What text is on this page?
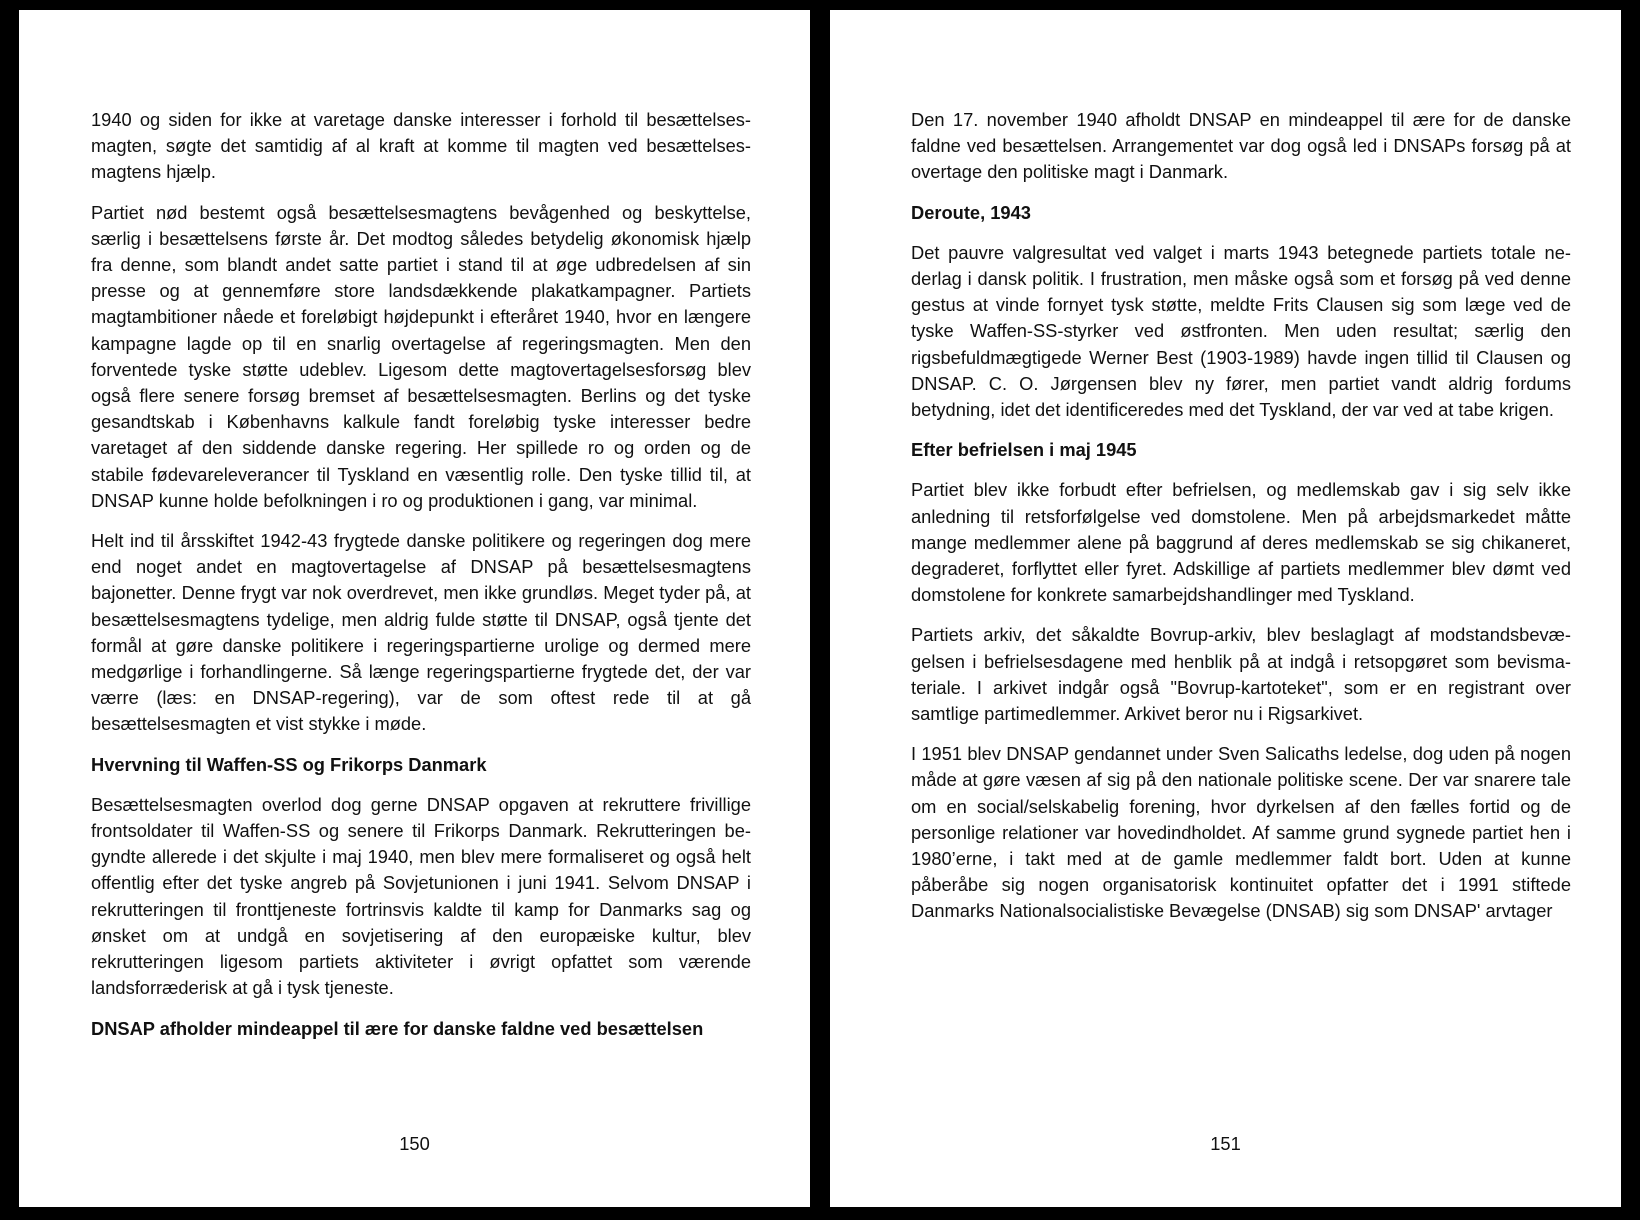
1940 og siden for ikke at varetage danske interesser i forhold til besættelsesmagten, søgte det samtidig af al kraft at komme til magten ved besættelsesmagtens hjælp.

Partiet nød bestemt også besættelsesmagtens bevågenhed og beskyttelse, særlig i besættelsens første år. Det modtog således betydelig økonomisk hjælp fra denne, som blandt andet satte partiet i stand til at øge udbredelsen af sin presse og at gennemføre store landsdækkende plakatkampagner. Partiets magtambitioner nåede et foreløbigt højdepunkt i efteråret 1940, hvor en længere kampagne lagde op til en snarlig overtagelse af regeringsmagten. Men den forventede tyske støtte udeblev. Ligesom dette magtovertagelsesforsøg blev også flere senere forsøg bremset af besættelsesmagten. Berlins og det tyske gesandtskab i Københavns kalkule fandt foreløbig tyske interesser bedre varetaget af den siddende danske regering. Her spillede ro og orden og de stabile fødevareleverancer til Tyskland en væsentlig rolle. Den tyske tillid til, at DNSAP kunne holde befolkningen i ro og produktionen i gang, var minimal.

Helt ind til årsskiftet 1942-43 frygtede danske politikere og regeringen dog mere end noget andet en magtovertagelse af DNSAP på besættelsesmagtens bajonetter. Denne frygt var nok overdrevet, men ikke grundløs. Meget tyder på, at besættelsesmagtens tydelige, men aldrig fulde støtte til DNSAP, også tjente det formål at gøre danske politikere i regeringspartierne urolige og dermed mere medgørlige i forhandlingerne. Så længe regeringspartierne frygtede det, der var værre (læs: en DNSAP-regering), var de som oftest rede til at gå besættelsesmagten et vist stykke i møde.

Hvervning til Waffen-SS og Frikorps Danmark

Besættelsesmagten overlod dog gerne DNSAP opgaven at rekruttere frivillige frontsoldater til Waffen-SS og senere til Frikorps Danmark. Rekrutteringen begyndte allerede i det skjulte i maj 1940, men blev mere formaliseret og også helt offentlig efter det tyske angreb på Sovjetunionen i juni 1941. Selvom DNSAP i rekrutteringen til fronttjeneste fortrinsvis kaldte til kamp for Danmarks sag og ønsket om at undgå en sovjetisering af den europæiske kultur, blev rekrutteringen ligesom partiets aktiviteter i øvrigt opfattet som værende landsforræderisk at gå i tysk tjeneste.

DNSAP afholder mindeappel til ære for danske faldne ved besættelsen
150

Den 17. november 1940 afholdt DNSAP en mindeappel til ære for de danske faldne ved besættelsen. Arrangementet var dog også led i DNSAPs forsøg på at overtage den politiske magt i Danmark.

Deroute, 1943

Det pauvre valgresultat ved valget i marts 1943 betegnede partiets totale nederlag i dansk politik. I frustration, men måske også som et forsøg på ved denne gestus at vinde fornyet tysk støtte, meldte Frits Clausen sig som læge ved de tyske Waffen-SS-styrker ved østfronten. Men uden resultat; særlig den rigsbefuldmægtigede Werner Best (1903-1989) havde ingen tillid til Clausen og DNSAP. C. O. Jørgensen blev ny fører, men partiet vandt aldrig fordums betydning, idet det identificeredes med det Tyskland, der var ved at tabe krigen.

Efter befrielsen i maj 1945

Partiet blev ikke forbudt efter befrielsen, og medlemskab gav i sig selv ikke anledning til retsforfølgelse ved domstolene. Men på arbejdsmarkedet måtte mange medlemmer alene på baggrund af deres medlemskab se sig chikaneret, degraderet, forflyttet eller fyret. Adskillige af partiets medlemmer blev dømt ved domstolene for konkrete samarbejdshandlinger med Tyskland.

Partiets arkiv, det såkaldte Bovrup-arkiv, blev beslaglagt af modstandsbevægelsen i befrielsesdagene med henblik på at indgå i retsopgøret som bevismateriale. I arkivet indgår også "Bovrup-kartoteket", som er en registrant over samtlige partimedlemmer. Arkivet beror nu i Rigsarkivet.

I 1951 blev DNSAP gendannet under Sven Salicaths ledelse, dog uden på nogen måde at gøre væsen af sig på den nationale politiske scene. Der var snarere tale om en social/selskabelig forening, hvor dyrkelsen af den fælles fortid og de personlige relationer var hovedindholdet. Af samme grund sygnede partiet hen i 1980’erne, i takt med at de gamle medlemmer faldt bort. Uden at kunne påberåbe sig nogen organisatorisk kontinuitet opfatter det i 1991 stiftede Danmarks Nationalsocialistiske Bevægelse (DNSAB) sig som DNSAP' arvtager

151
